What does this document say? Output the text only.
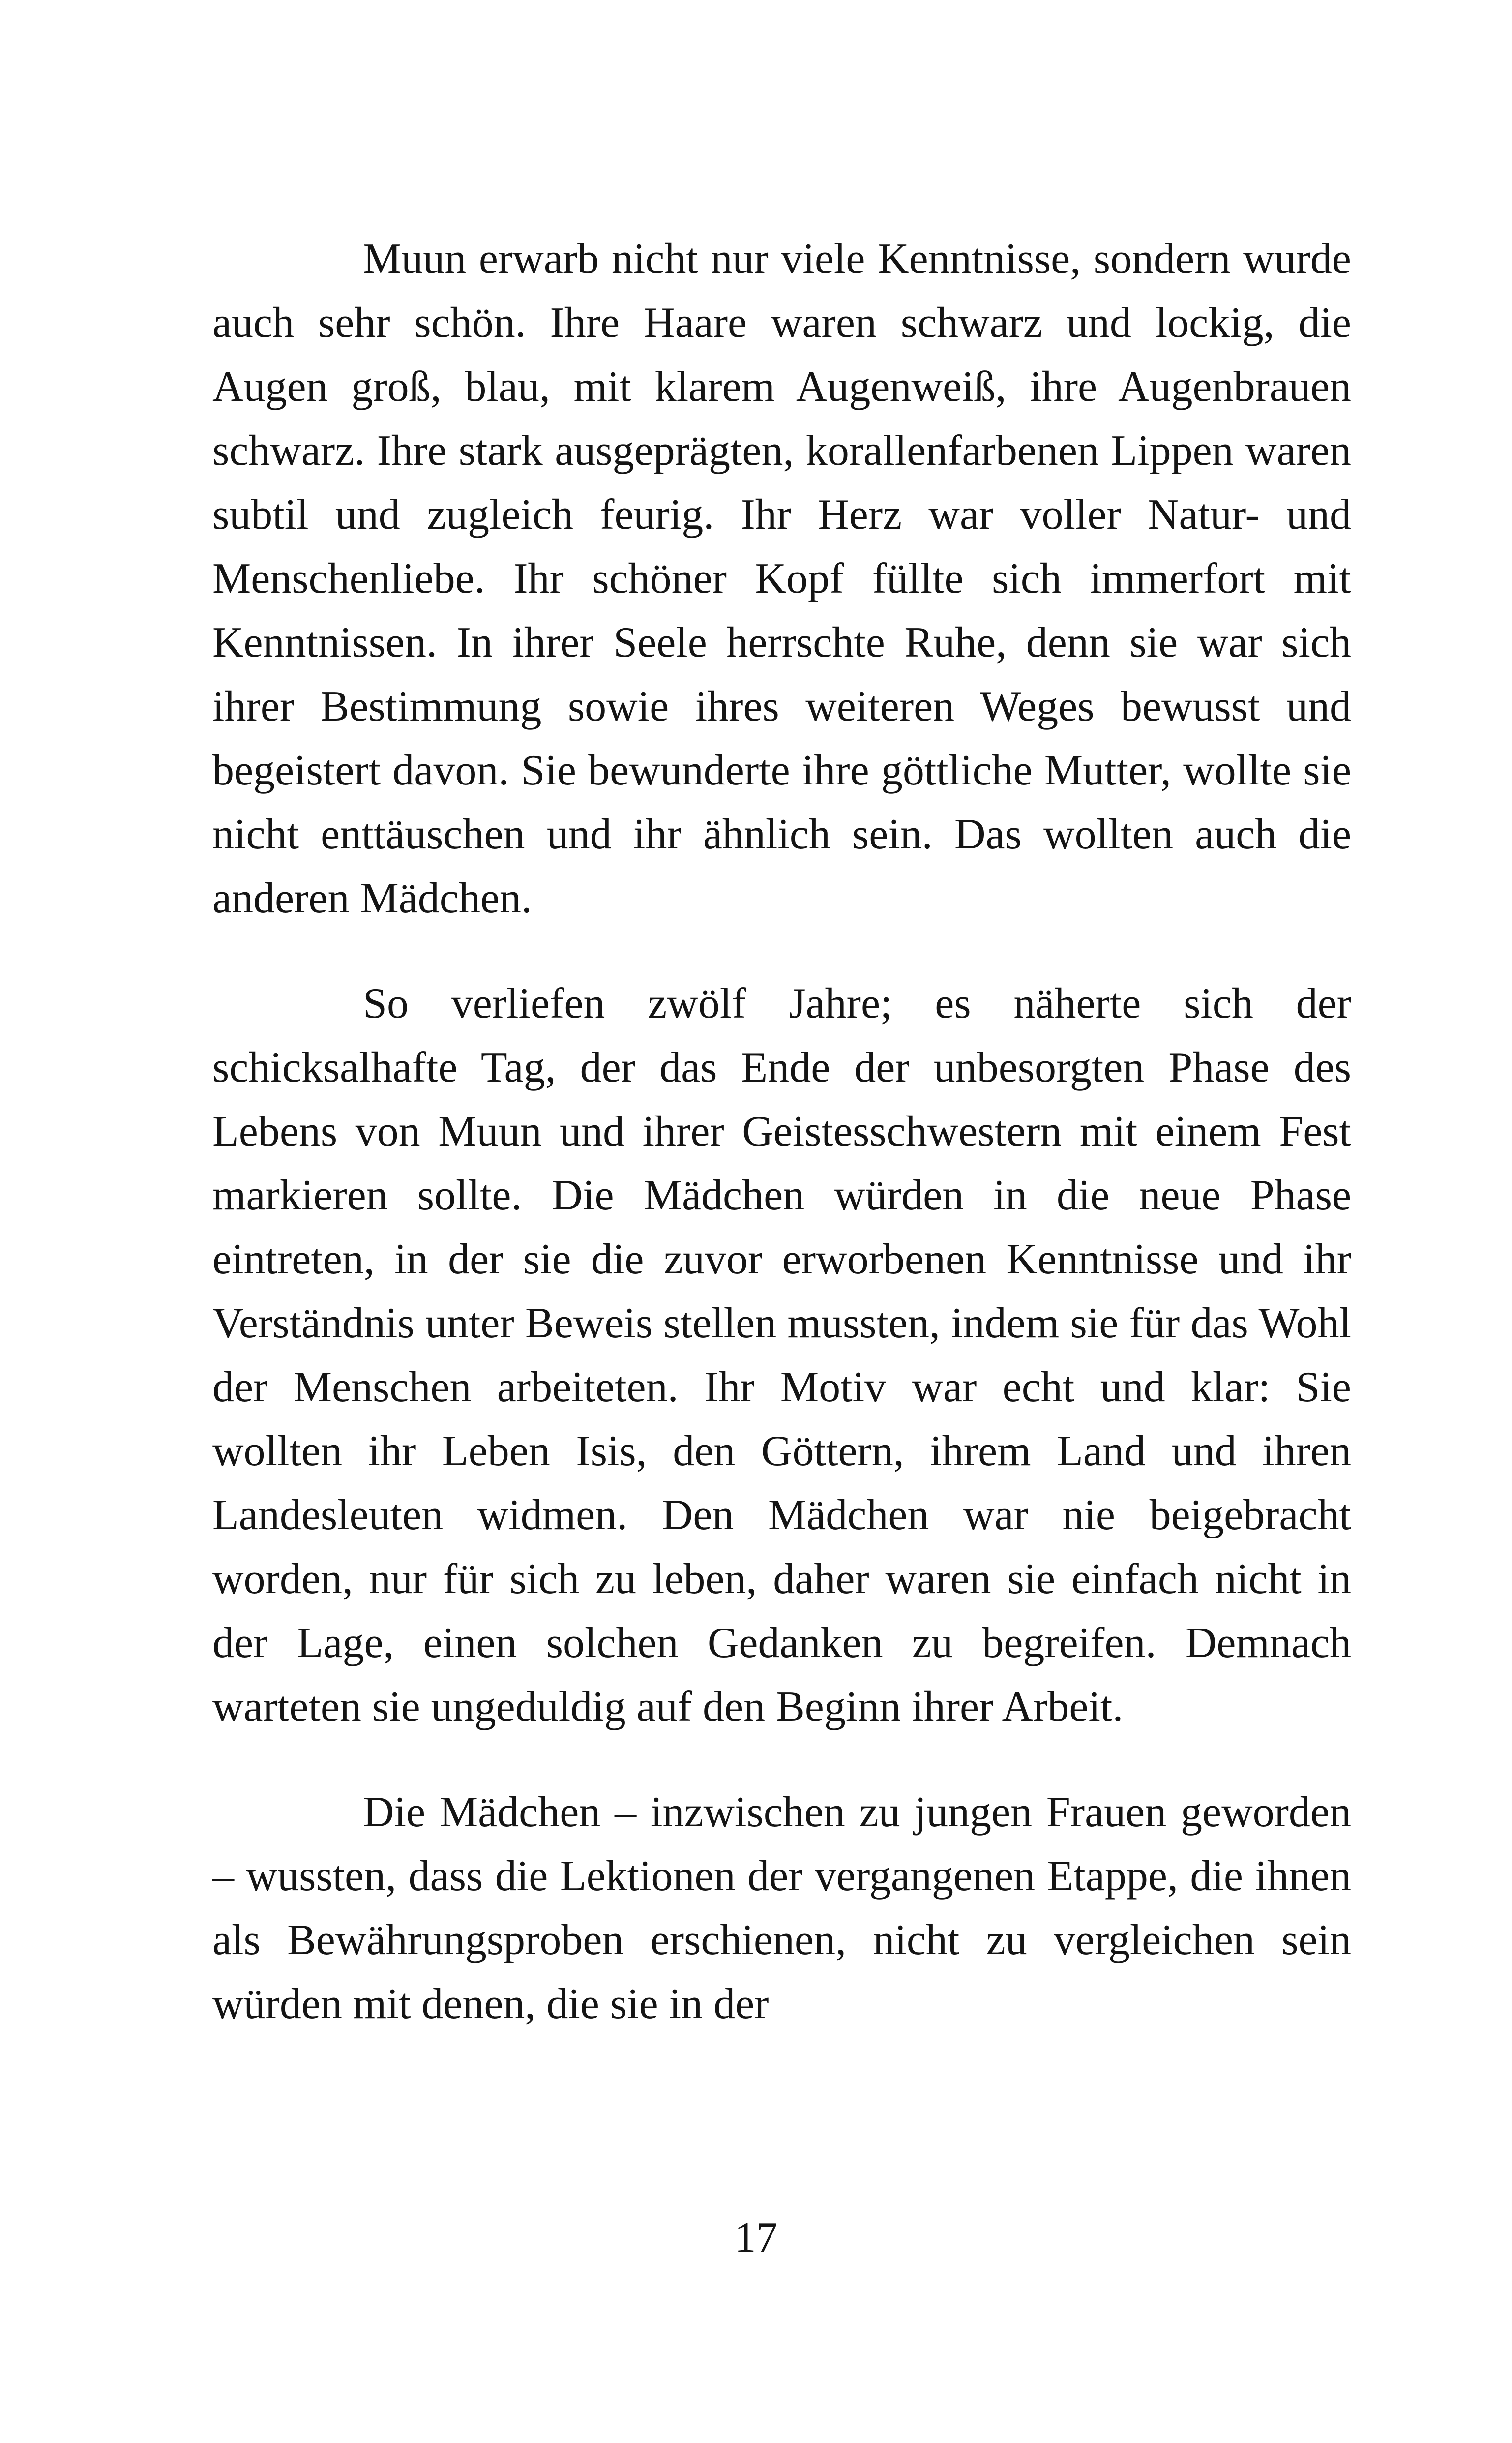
Muun erwarb nicht nur viele Kenntnisse, sondern wurde auch sehr schön. Ihre Haare waren schwarz und lockig, die Augen groß, blau, mit klarem Augenweiß, ihre Augenbrauen schwarz. Ihre stark ausgeprägten, korallenfarbenen Lippen waren subtil und zugleich feurig. Ihr Herz war voller Natur- und Menschenliebe. Ihr schöner Kopf füllte sich immerfort mit Kenntnissen. In ihrer Seele herrschte Ruhe, denn sie war sich ihrer Bestimmung sowie ihres weiteren Weges bewusst und begeistert davon. Sie bewunderte ihre göttliche Mutter, wollte sie nicht enttäuschen und ihr ähnlich sein. Das wollten auch die anderen Mädchen.

So verliefen zwölf Jahre; es näherte sich der schicksalhafte Tag, der das Ende der unbesorgten Phase des Lebens von Muun und ihrer Geistesschwestern mit einem Fest markieren sollte. Die Mädchen würden in die neue Phase eintreten, in der sie die zuvor erworbenen Kenntnisse und ihr Verständnis unter Beweis stellen mussten, indem sie für das Wohl der Menschen arbeiteten. Ihr Motiv war echt und klar: Sie wollten ihr Leben Isis, den Göttern, ihrem Land und ihren Landesleuten widmen. Den Mädchen war nie beigebracht worden, nur für sich zu leben, daher waren sie einfach nicht in der Lage, einen solchen Gedanken zu begreifen. Demnach warteten sie ungeduldig auf den Beginn ihrer Arbeit.

Die Mädchen – inzwischen zu jungen Frauen geworden – wussten, dass die Lektionen der vergangenen Etappe, die ihnen als Bewährungsproben erschienen, nicht zu vergleichen sein würden mit denen, die sie in der

17
